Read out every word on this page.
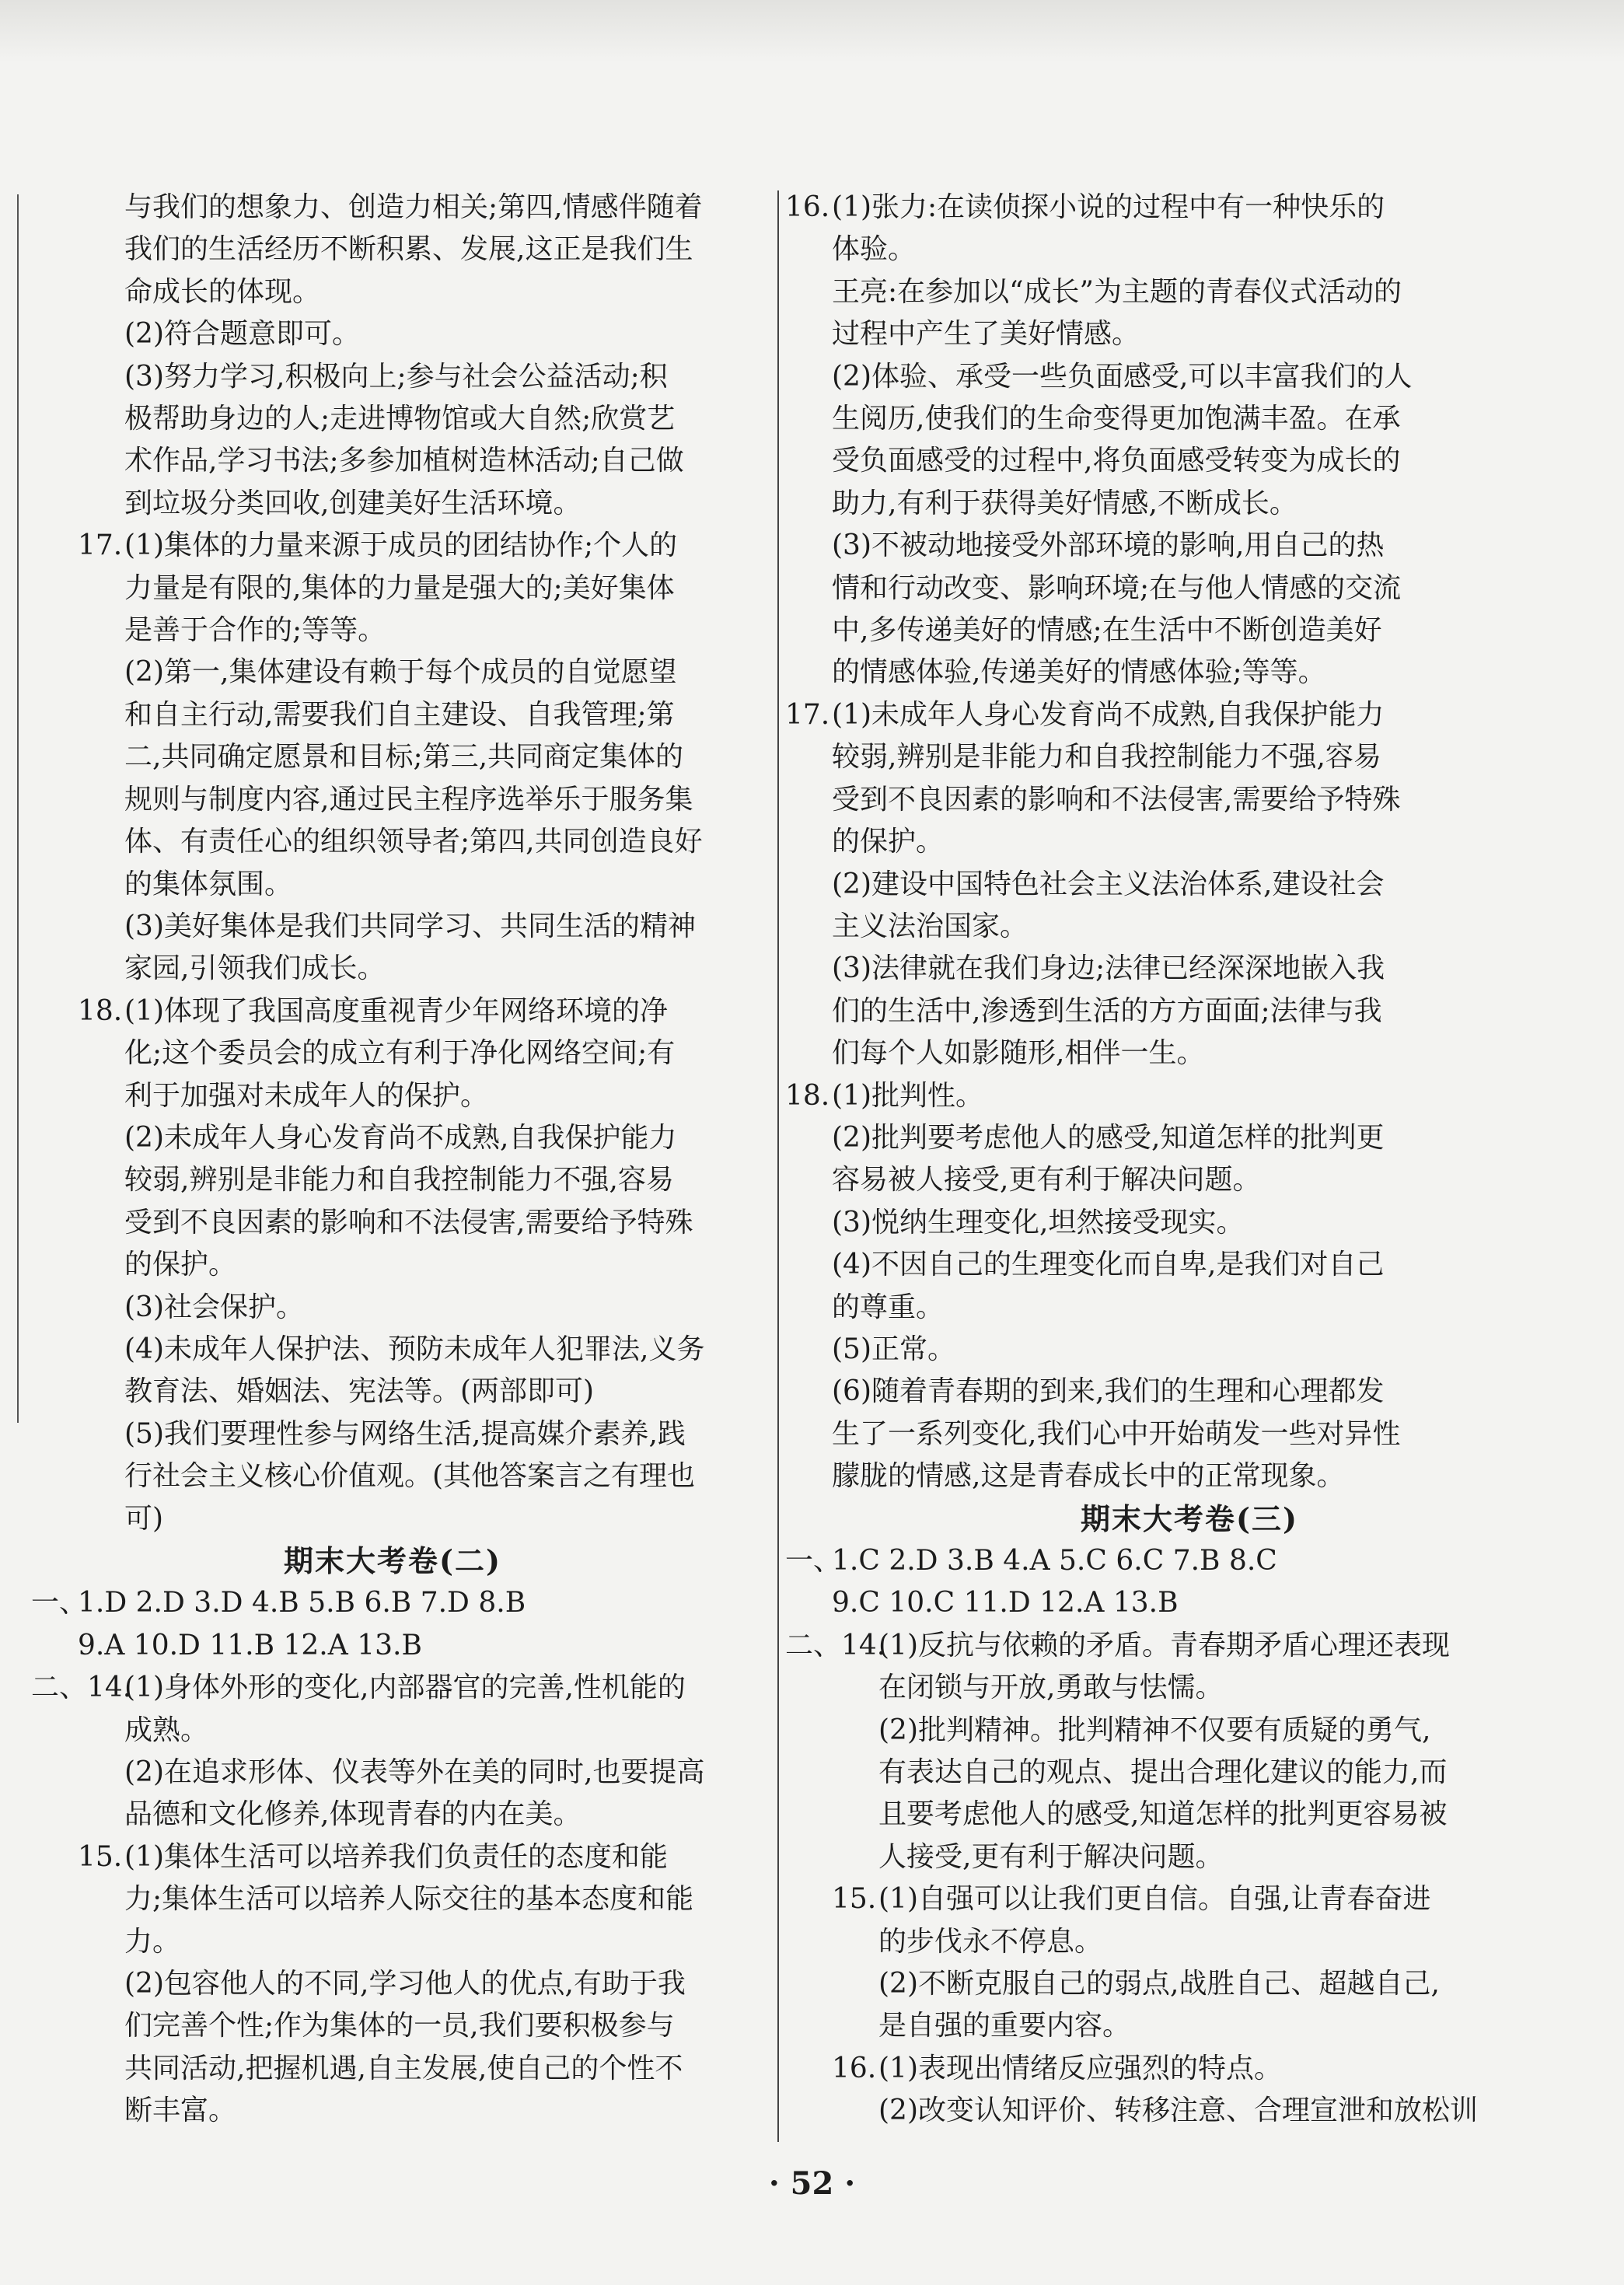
与我们的想象力、创造力相关;第四,情感伴随着
我们的生活经历不断积累、发展,这正是我们生
命成长的体现。
(2)符合题意即可。
(3)努力学习,积极向上;参与社会公益活动;积
极帮助身边的人;走进博物馆或大自然;欣赏艺
术作品,学习书法;多参加植树造林活动;自己做
到垃圾分类回收,创建美好生活环境。
17. (1)集体的力量来源于成员的团结协作;个人的
力量是有限的,集体的力量是强大的;美好集体
是善于合作的;等等。
(2)第一,集体建设有赖于每个成员的自觉愿望
和自主行动,需要我们自主建设、自我管理;第
二,共同确定愿景和目标;第三,共同商定集体的
规则与制度内容,通过民主程序选举乐于服务集
体、有责任心的组织领导者;第四,共同创造良好
的集体氛围。
(3)美好集体是我们共同学习、共同生活的精神
家园,引领我们成长。
18. (1)体现了我国高度重视青少年网络环境的净
化;这个委员会的成立有利于净化网络空间;有
利于加强对未成年人的保护。
(2)未成年人身心发育尚不成熟,自我保护能力
较弱,辨别是非能力和自我控制能力不强,容易
受到不良因素的影响和不法侵害,需要给予特殊
的保护。
(3)社会保护。
(4)未成年人保护法、预防未成年人犯罪法,义务
教育法、婚姻法、宪法等。(两部即可)
(5)我们要理性参与网络生活,提高媒介素养,践
行社会主义核心价值观。(其他答案言之有理也
可)
期末大考卷(二)
一、
1.D 2.D 3.D 4.B 5.B 6.B 7.D 8.B
9.A 10.D 11.B 12.A 13.B
二、14.
(1)身体外形的变化,内部器官的完善,性机能的
成熟。
(2)在追求形体、仪表等外在美的同时,也要提高
品德和文化修养,体现青春的内在美。
15. (1)集体生活可以培养我们负责任的态度和能
力;集体生活可以培养人际交往的基本态度和能
力。
(2)包容他人的不同,学习他人的优点,有助于我
们完善个性;作为集体的一员,我们要积极参与
共同活动,把握机遇,自主发展,使自己的个性不
断丰富。
16. (1)张力:在读侦探小说的过程中有一种快乐的
体验。
王亮:在参加以“成长”为主题的青春仪式活动的
过程中产生了美好情感。
(2)体验、承受一些负面感受,可以丰富我们的人
生阅历,使我们的生命变得更加饱满丰盈。在承
受负面感受的过程中,将负面感受转变为成长的
助力,有利于获得美好情感,不断成长。
(3)不被动地接受外部环境的影响,用自己的热
情和行动改变、影响环境;在与他人情感的交流
中,多传递美好的情感;在生活中不断创造美好
的情感体验,传递美好的情感体验;等等。
17. (1)未成年人身心发育尚不成熟,自我保护能力
较弱,辨别是非能力和自我控制能力不强,容易
受到不良因素的影响和不法侵害,需要给予特殊
的保护。
(2)建设中国特色社会主义法治体系,建设社会
主义法治国家。
(3)法律就在我们身边;法律已经深深地嵌入我
们的生活中,渗透到生活的方方面面;法律与我
们每个人如影随形,相伴一生。
18. (1)批判性。
(2)批判要考虑他人的感受,知道怎样的批判更
容易被人接受,更有利于解决问题。
(3)悦纳生理变化,坦然接受现实。
(4)不因自己的生理变化而自卑,是我们对自己
的尊重。
(5)正常。
(6)随着青春期的到来,我们的生理和心理都发
生了一系列变化,我们心中开始萌发一些对异性
朦胧的情感,这是青春成长中的正常现象。
期末大考卷(三)
一、
1.C 2.D 3.B 4.A 5.C 6.C 7.B 8.C
9.C 10.C 11.D 12.A 13.B
二、14.
(1)反抗与依赖的矛盾。青春期矛盾心理还表现
在闭锁与开放,勇敢与怯懦。
(2)批判精神。批判精神不仅要有质疑的勇气,
有表达自己的观点、提出合理化建议的能力,而
且要考虑他人的感受,知道怎样的批判更容易被
人接受,更有利于解决问题。
15. (1)自强可以让我们更自信。自强,让青春奋进
的步伐永不停息。
(2)不断克服自己的弱点,战胜自己、超越自己,
是自强的重要内容。
16. (1)表现出情绪反应强烈的特点。
(2)改变认知评价、转移注意、合理宣泄和放松训
· 52 ·
